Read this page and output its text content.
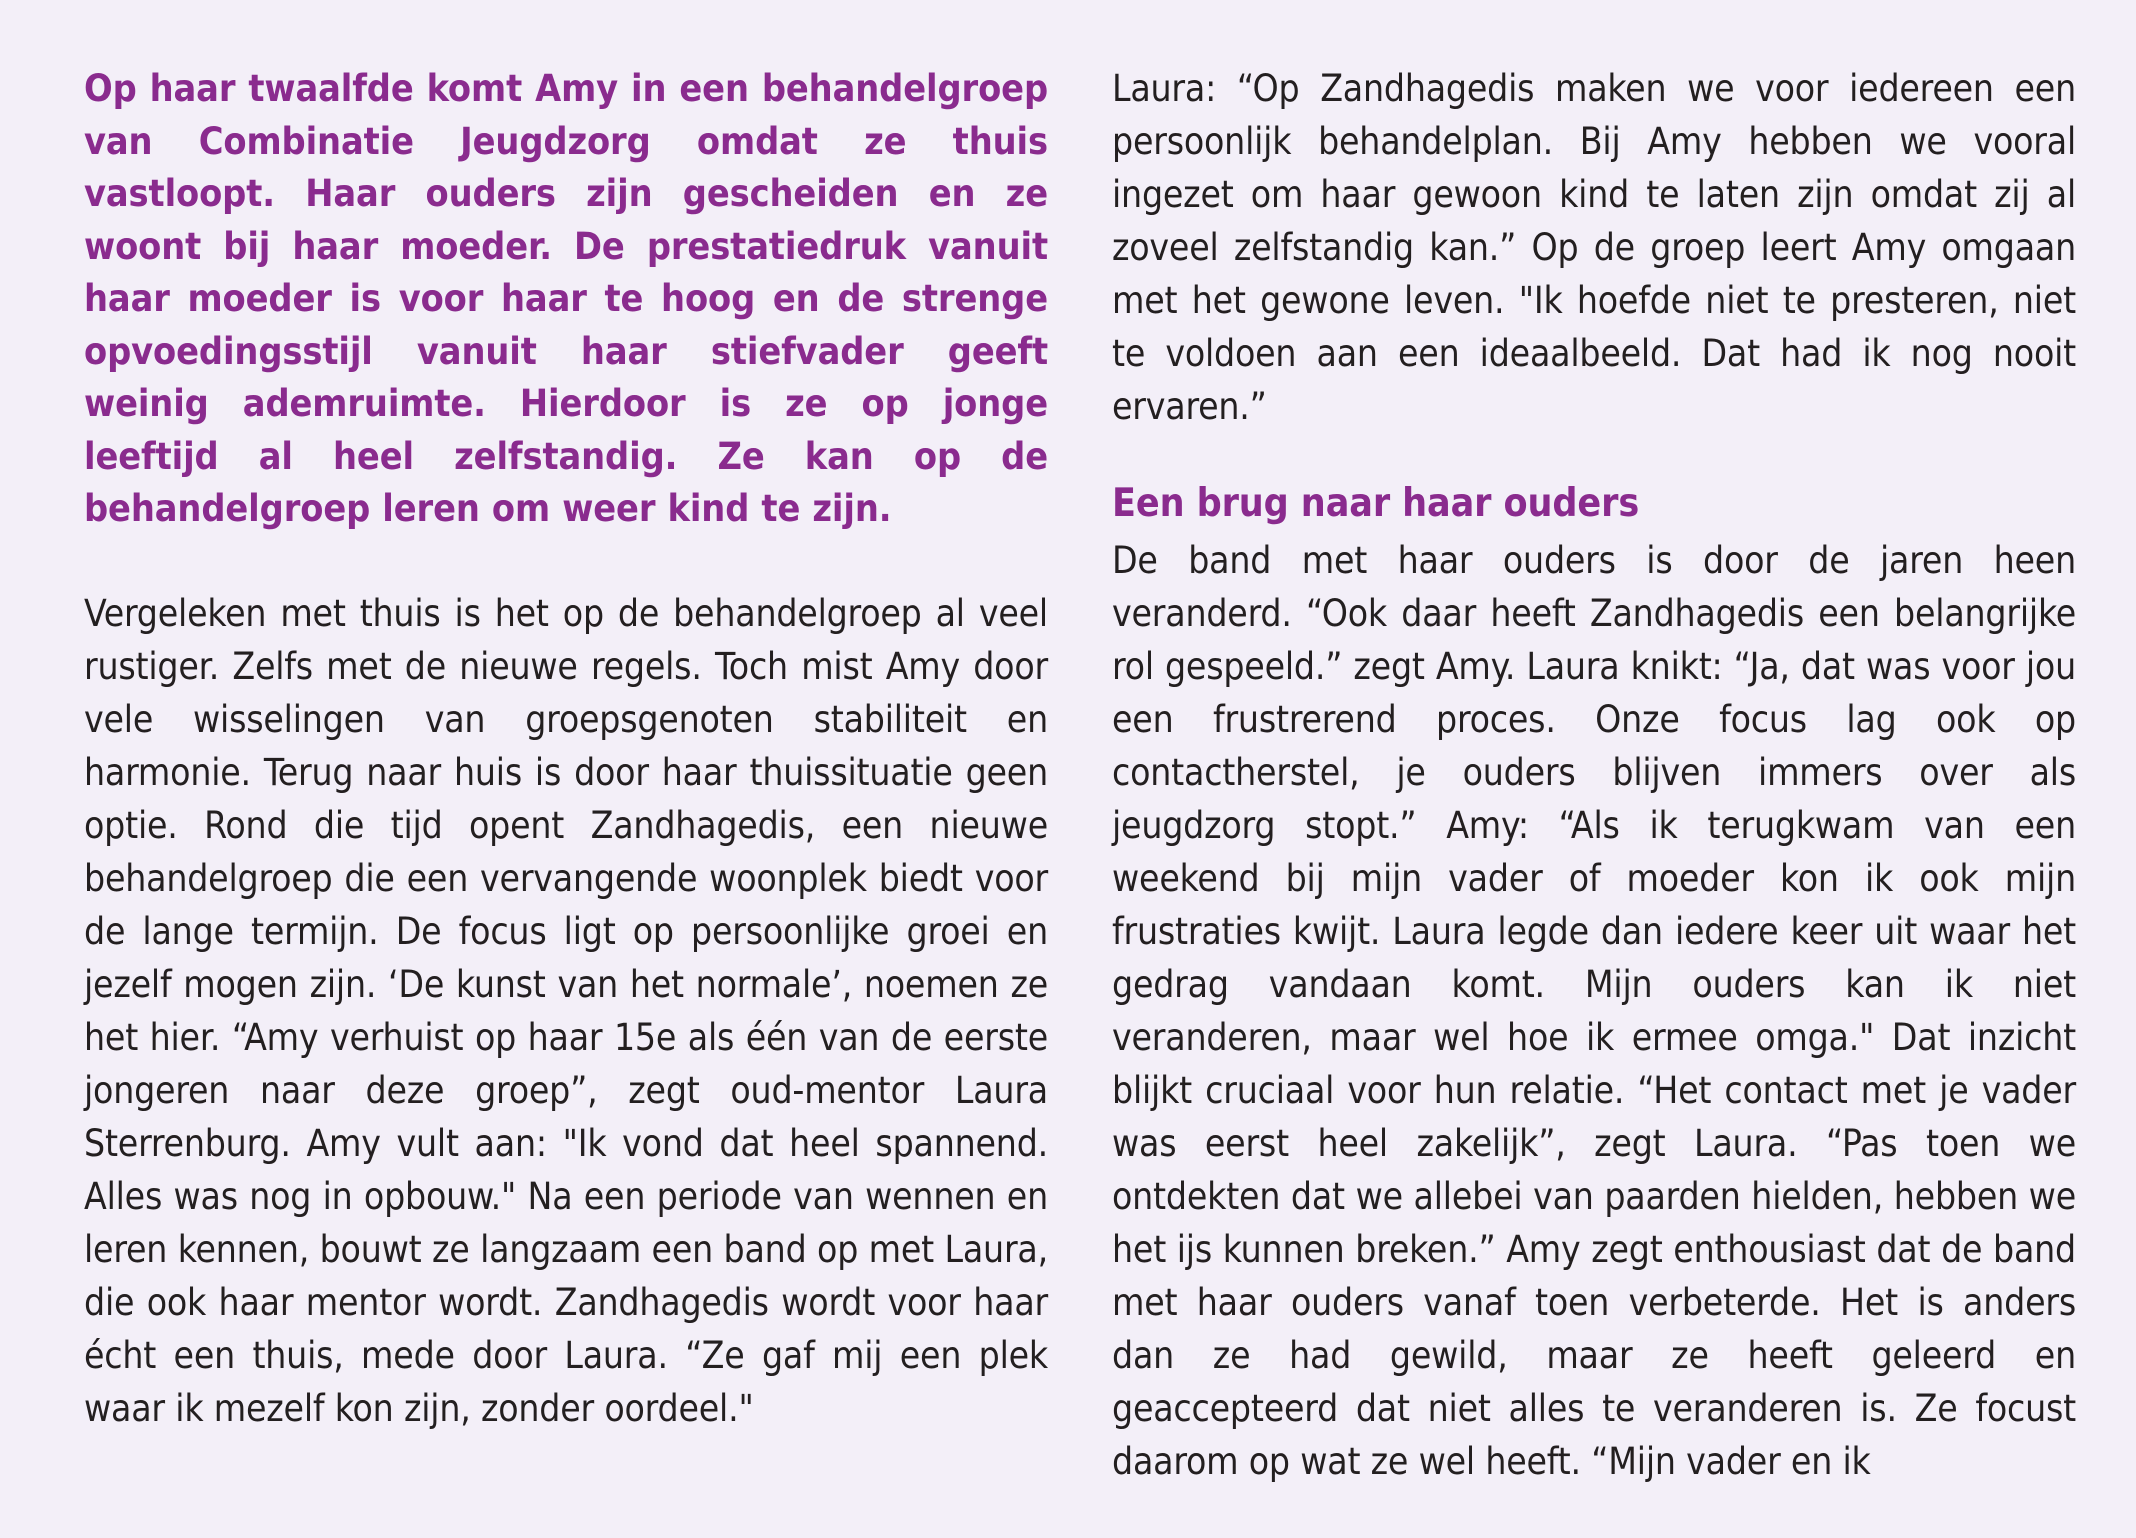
Op haar twaalfde komt Amy in een behandelgroep van Combinatie Jeugdzorg omdat ze thuis vastloopt. Haar ouders zijn gescheiden en ze woont bij haar moeder. De prestatiedruk vanuit haar moeder is voor haar te hoog en de strenge opvoedingsstijl vanuit haar stiefvader geeft weinig ademruimte. Hierdoor is ze op jonge leeftijd al heel zelfstandig. Ze kan op de behandelgroep leren om weer kind te zijn.

Vergeleken met thuis is het op de behandelgroep al veel rustiger. Zelfs met de nieuwe regels. Toch mist Amy door vele wisselingen van groepsgenoten stabiliteit en harmonie. Terug naar huis is door haar thuissituatie geen optie. Rond die tijd opent Zandhagedis, een nieuwe behandelgroep die een vervangende woonplek biedt voor de lange termijn. De focus ligt op persoonlijke groei en jezelf mogen zijn. ‘De kunst van het normale’, noemen ze het hier. “Amy verhuist op haar 15e als één van de eerste jongeren naar deze groep”, zegt oud-mentor Laura Sterrenburg. Amy vult aan: "Ik vond dat heel spannend. Alles was nog in opbouw." Na een periode van wennen en leren kennen, bouwt ze langzaam een band op met Laura, die ook haar mentor wordt. Zandhagedis wordt voor haar écht een thuis, mede door Laura. “Ze gaf mij een plek waar ik mezelf kon zijn, zonder oordeel."

Laura: “Op Zandhagedis maken we voor iedereen een persoonlijk behandelplan. Bij Amy hebben we vooral ingezet om haar gewoon kind te laten zijn omdat zij al zoveel zelfstandig kan.” Op de groep leert Amy omgaan met het gewone leven. "Ik hoefde niet te presteren, niet te voldoen aan een ideaalbeeld. Dat had ik nog nooit ervaren.”

Een brug naar haar ouders

De band met haar ouders is door de jaren heen veranderd. “Ook daar heeft Zandhagedis een belangrijke rol gespeeld.” zegt Amy. Laura knikt: “Ja, dat was voor jou een frustrerend proces. Onze focus lag ook op contactherstel, je ouders blijven immers over als jeugdzorg stopt.” Amy: “Als ik terugkwam van een weekend bij mijn vader of moeder kon ik ook mijn frustraties kwijt. Laura legde dan iedere keer uit waar het gedrag vandaan komt. Mijn ouders kan ik niet veranderen, maar wel hoe ik ermee omga." Dat inzicht blijkt cruciaal voor hun relatie. “Het contact met je vader was eerst heel zakelijk”, zegt Laura. “Pas toen we ontdekten dat we allebei van paarden hielden, hebben we het ijs kunnen breken.” Amy zegt enthousiast dat de band met haar ouders vanaf toen verbeterde. Het is anders dan ze had gewild, maar ze heeft geleerd en geaccepteerd dat niet alles te veranderen is. Ze focust daarom op wat ze wel heeft. “Mijn vader en ik
